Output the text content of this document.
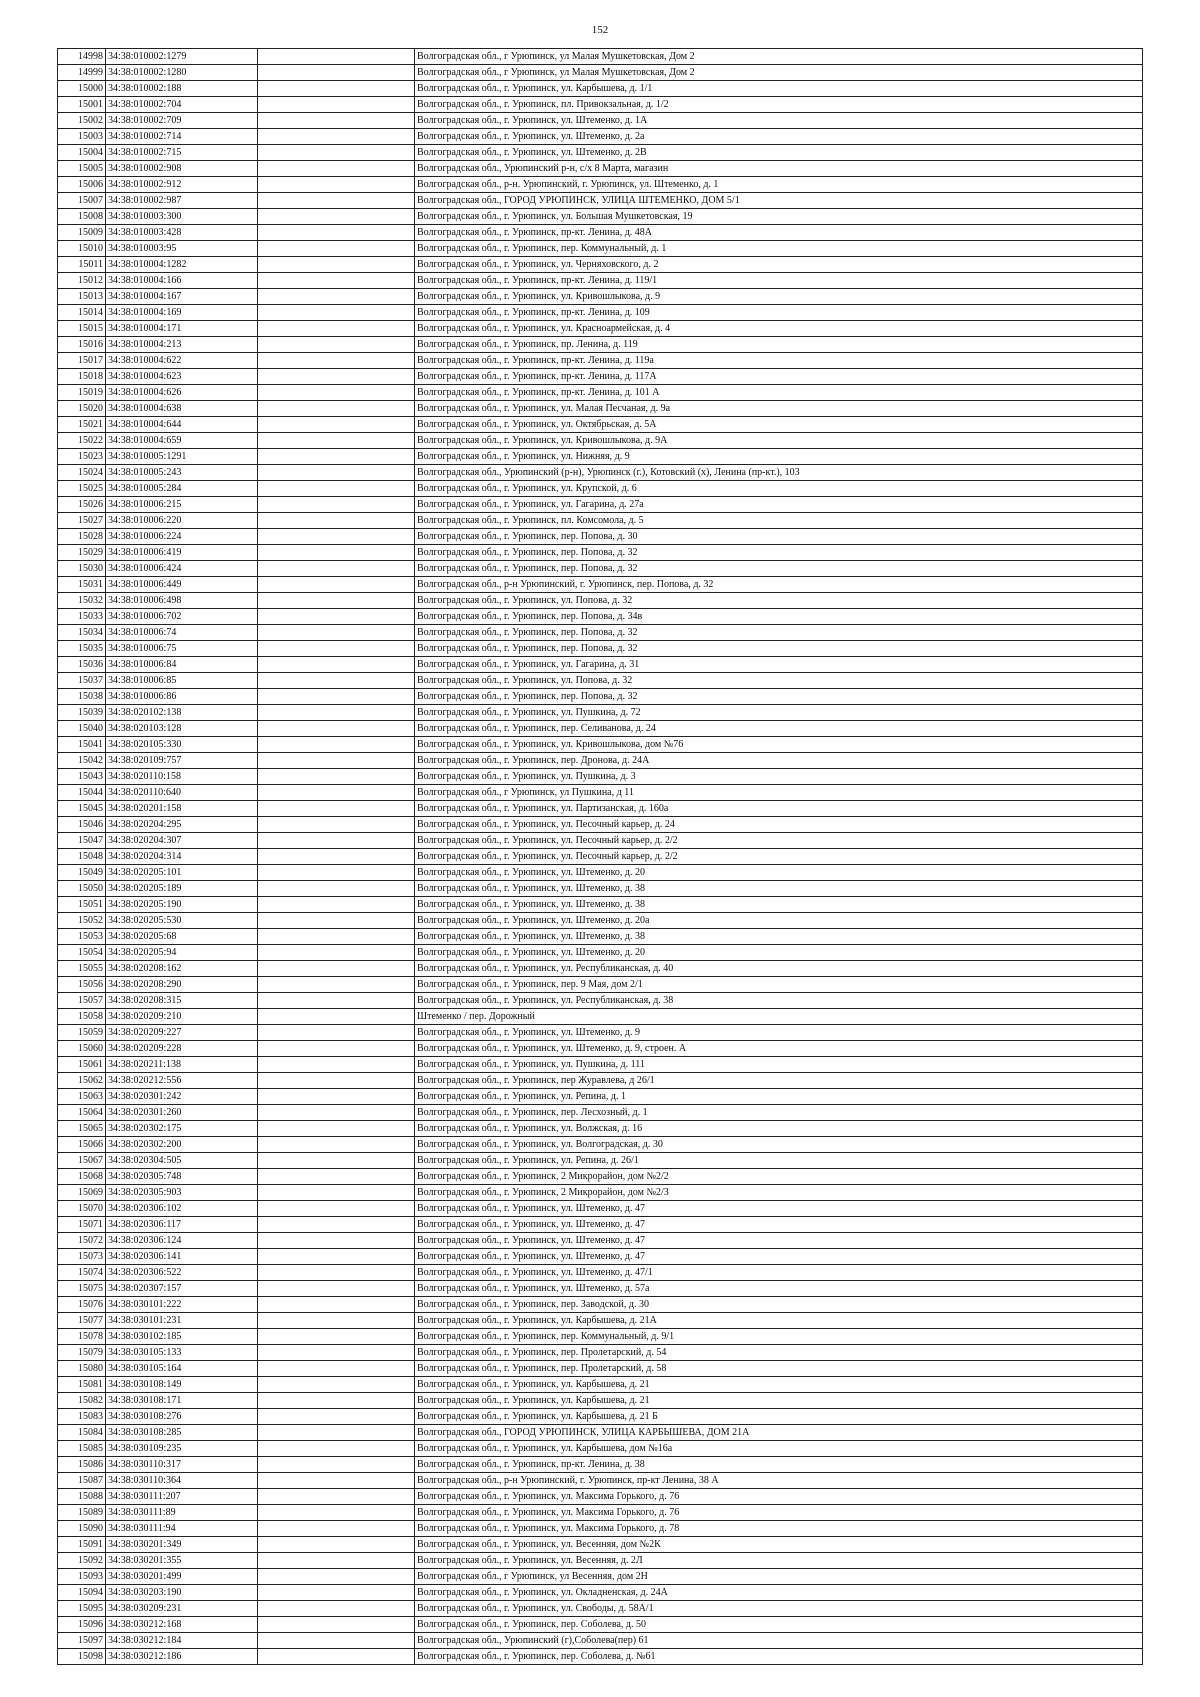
152
14998	34:38:010002:1279		Волгоградская обл., г Урюпинск, ул Малая Мушкетовская, Дом 2
14999	34:38:010002:1280		Волгоградская обл., г Урюпинск, ул Малая Мушкетовская, Дом 2
15000	34:38:010002:188		Волгоградская обл., г. Урюпинск, ул. Карбышева, д. 1/1
15001	34:38:010002:704		Волгоградская обл., г. Урюпинск, пл. Привокзальная, д. 1/2
15002	34:38:010002:709		Волгоградская обл., г. Урюпинск, ул. Штеменко, д. 1А
15003	34:38:010002:714		Волгоградская обл., г. Урюпинск, ул. Штеменко, д. 2а
15004	34:38:010002:715		Волгоградская обл., г. Урюпинск, ул. Штеменко, д. 2В
15005	34:38:010002:908		Волгоградская обл., Урюпинский р-н, с/х 8 Марта, магазин
15006	34:38:010002:912		Волгоградская обл., р-н. Урюпинский, г. Урюпинск, ул. Штеменко, д. 1
15007	34:38:010002:987		Волгоградская обл., ГОРОД УРЮПИНСК, УЛИЦА ШТЕМЕНКО, ДОМ 5/1
15008	34:38:010003:300		Волгоградская обл., г. Урюпинск, ул. Большая Мушкетовская, 19
15009	34:38:010003:428		Волгоградская обл., г. Урюпинск, пр-кт. Ленина, д. 48А
15010	34:38:010003:95		Волгоградская обл., г. Урюпинск, пер. Коммунальный, д. 1
15011	34:38:010004:1282		Волгоградская обл., г. Урюпинск, ул. Черняховского, д. 2
15012	34:38:010004:166		Волгоградская обл., г. Урюпинск, пр-кт. Ленина, д. 119/1
15013	34:38:010004:167		Волгоградская обл., г. Урюпинск, ул. Кривошлыкова, д. 9
15014	34:38:010004:169		Волгоградская обл., г. Урюпинск, пр-кт. Ленина, д. 109
15015	34:38:010004:171		Волгоградская обл., г. Урюпинск, ул. Красноармейская, д. 4
15016	34:38:010004:213		Волгоградская обл., г. Урюпинск, пр. Ленина, д. 119
15017	34:38:010004:622		Волгоградская обл., г. Урюпинск, пр-кт. Ленина, д. 119а
15018	34:38:010004:623		Волгоградская обл., г. Урюпинск, пр-кт. Ленина, д. 117А
15019	34:38:010004:626		Волгоградская обл., г. Урюпинск, пр-кт. Ленина, д. 101 А
15020	34:38:010004:638		Волгоградская обл., г. Урюпинск, ул. Малая Песчаная, д. 9а
15021	34:38:010004:644		Волгоградская обл., г. Урюпинск, ул. Октябрьская, д. 5А
15022	34:38:010004:659		Волгоградская обл., г. Урюпинск, ул. Кривошлыкова, д. 9А
15023	34:38:010005:1291		Волгоградская обл., г. Урюпинск, ул. Нижняя, д. 9
15024	34:38:010005:243		Волгоградская обл., Урюпинский (р-н), Урюпинск (г.), Котовский (х), Ленина (пр-кт.), 103
15025	34:38:010005:284		Волгоградская обл., г. Урюпинск, ул. Крупской, д. 6
15026	34:38:010006:215		Волгоградская обл., г. Урюпинск, ул. Гагарина, д. 27а
15027	34:38:010006:220		Волгоградская обл., г. Урюпинск, пл. Комсомола, д. 5
15028	34:38:010006:224		Волгоградская обл., г. Урюпинск, пер. Попова, д. 30
15029	34:38:010006:419		Волгоградская обл., г. Урюпинск, пер. Попова, д. 32
15030	34:38:010006:424		Волгоградская обл., г. Урюпинск, пер. Попова, д. 32
15031	34:38:010006:449		Волгоградская обл., р-н Урюпинский, г. Урюпинск, пер. Попова, д. 32
15032	34:38:010006:498		Волгоградская обл., г. Урюпинск, ул. Попова, д. 32
15033	34:38:010006:702		Волгоградская обл., г. Урюпинск, пер. Попова, д. 34в
15034	34:38:010006:74		Волгоградская обл., г. Урюпинск, пер. Попова, д. 32
15035	34:38:010006:75		Волгоградская обл., г. Урюпинск, пер. Попова, д. 32
15036	34:38:010006:84		Волгоградская обл., г. Урюпинск, ул. Гагарина, д. 31
15037	34:38:010006:85		Волгоградская обл., г. Урюпинск, ул. Попова, д. 32
15038	34:38:010006:86		Волгоградская обл., г. Урюпинск, пер. Попова, д. 32
15039	34:38:020102:138		Волгоградская обл., г. Урюпинск, ул. Пушкина, д. 72
15040	34:38:020103:128		Волгоградская обл., г. Урюпинск, пер. Селиванова, д. 24
15041	34:38:020105:330		Волгоградская обл., г. Урюпинск, ул. Кривошлыкова, дом №76
15042	34:38:020109:757		Волгоградская обл., г. Урюпинск, пер. Дронова, д. 24А
15043	34:38:020110:158		Волгоградская обл., г. Урюпинск, ул. Пушкина, д. 3
15044	34:38:020110:640		Волгоградская обл., г Урюпинск, ул Пушкина, д 11
15045	34:38:020201:158		Волгоградская обл., г. Урюпинск, ул. Партизанская, д. 160а
15046	34:38:020204:295		Волгоградская обл., г. Урюпинск, ул. Песочный карьер, д. 24
15047	34:38:020204:307		Волгоградская обл., г. Урюпинск, ул. Песочный карьер, д. 2/2
15048	34:38:020204:314		Волгоградская обл., г. Урюпинск, ул. Песочный карьер, д. 2/2
15049	34:38:020205:101		Волгоградская обл., г. Урюпинск, ул. Штеменко, д. 20
15050	34:38:020205:189		Волгоградская обл., г. Урюпинск, ул. Штеменко, д. 38
15051	34:38:020205:190		Волгоградская обл., г. Урюпинск, ул. Штеменко, д. 38
15052	34:38:020205:530		Волгоградская обл., г. Урюпинск, ул. Штеменко, д. 20а
15053	34:38:020205:68		Волгоградская обл., г. Урюпинск, ул. Штеменко, д. 38
15054	34:38:020205:94		Волгоградская обл., г. Урюпинск, ул. Штеменко, д. 20
15055	34:38:020208:162		Волгоградская обл., г. Урюпинск, ул. Республиканская, д. 40
15056	34:38:020208:290		Волгоградская обл., г. Урюпинск, пер. 9 Мая, дом 2/1
15057	34:38:020208:315		Волгоградская обл., г. Урюпинск, ул. Республиканская, д. 38
15058	34:38:020209:210		Штеменко / пер. Дорожный
15059	34:38:020209:227		Волгоградская обл., г. Урюпинск, ул. Штеменко, д. 9
15060	34:38:020209:228		Волгоградская обл., г. Урюпинск, ул. Штеменко, д. 9, строен. А
15061	34:38:020211:138		Волгоградская обл., г. Урюпинск, ул. Пушкина, д. 111
15062	34:38:020212:556		Волгоградская обл., г. Урюпинск, пер Журавлева, д 26/1
15063	34:38:020301:242		Волгоградская обл., г. Урюпинск, ул. Репина, д. 1
15064	34:38:020301:260		Волгоградская обл., г. Урюпинск, пер. Лесхозный, д. 1
15065	34:38:020302:175		Волгоградская обл., г. Урюпинск, ул. Волжская, д. 16
15066	34:38:020302:200		Волгоградская обл., г. Урюпинск, ул. Волгоградская, д. 30
15067	34:38:020304:505		Волгоградская обл., г. Урюпинск, ул. Репина, д. 26/1
15068	34:38:020305:748		Волгоградская обл., г. Урюпинск, 2 Микрорайон, дом №2/2
15069	34:38:020305:903		Волгоградская обл., г. Урюпинск, 2 Микрорайон, дом №2/3
15070	34:38:020306:102		Волгоградская обл., г. Урюпинск, ул. Штеменко, д. 47
15071	34:38:020306:117		Волгоградская обл., г. Урюпинск, ул. Штеменко, д. 47
15072	34:38:020306:124		Волгоградская обл., г. Урюпинск, ул. Штеменко, д. 47
15073	34:38:020306:141		Волгоградская обл., г. Урюпинск, ул. Штеменко, д. 47
15074	34:38:020306:522		Волгоградская обл., г. Урюпинск, ул. Штеменко, д. 47/1
15075	34:38:020307:157		Волгоградская обл., г. Урюпинск, ул. Штеменко, д. 57а
15076	34:38:030101:222		Волгоградская обл., г. Урюпинск, пер. Заводской, д. 30
15077	34:38:030101:231		Волгоградская обл., г. Урюпинск, ул. Карбышева, д. 21А
15078	34:38:030102:185		Волгоградская обл., г. Урюпинск, пер. Коммунальный, д. 9/1
15079	34:38:030105:133		Волгоградская обл., г. Урюпинск, пер. Пролетарский, д. 54
15080	34:38:030105:164		Волгоградская обл., г. Урюпинск, пер. Пролетарский, д. 58
15081	34:38:030108:149		Волгоградская обл., г. Урюпинск, ул. Карбышева, д. 21
15082	34:38:030108:171		Волгоградская обл., г. Урюпинск, ул. Карбышева, д. 21
15083	34:38:030108:276		Волгоградская обл., г. Урюпинск, ул. Карбышева, д. 21 Б
15084	34:38:030108:285		Волгоградская обл., ГОРОД УРЮПИНСК, УЛИЦА КАРБЫШЕВА, ДОМ 21А
15085	34:38:030109:235		Волгоградская обл., г. Урюпинск, ул. Карбышева, дом №16а
15086	34:38:030110:317		Волгоградская обл., г. Урюпинск, пр-кт. Ленина, д. 38
15087	34:38:030110:364		Волгоградская обл., р-н Урюпинский, г. Урюпинск, пр-кт Ленина, 38 А
15088	34:38:030111:207		Волгоградская обл., г. Урюпинск, ул. Максима Горького, д. 76
15089	34:38:030111:89		Волгоградская обл., г. Урюпинск, ул. Максима Горького, д. 76
15090	34:38:030111:94		Волгоградская обл., г. Урюпинск, ул. Максима Горького, д. 78
15091	34:38:030201:349		Волгоградская обл., г. Урюпинск, ул. Весенняя, дом №2К
15092	34:38:030201:355		Волгоградская обл., г. Урюпинск, ул. Весенняя, д. 2Л
15093	34:38:030201:499		Волгоградская обл., г Урюпинск, ул Весенняя, дом 2Н
15094	34:38:030203:190		Волгоградская обл., г. Урюпинск, ул. Окладненская, д. 24А
15095	34:38:030209:231		Волгоградская обл., г. Урюпинск, ул. Свободы, д. 58А/1
15096	34:38:030212:168		Волгоградская обл., г. Урюпинск, пер. Соболева, д. 50
15097	34:38:030212:184		Волгоградская обл., Урюпинский (г),Соболева(пер) 61
15098	34:38:030212:186		Волгоградская обл., г. Урюпинск, пер. Соболева, д. №61
